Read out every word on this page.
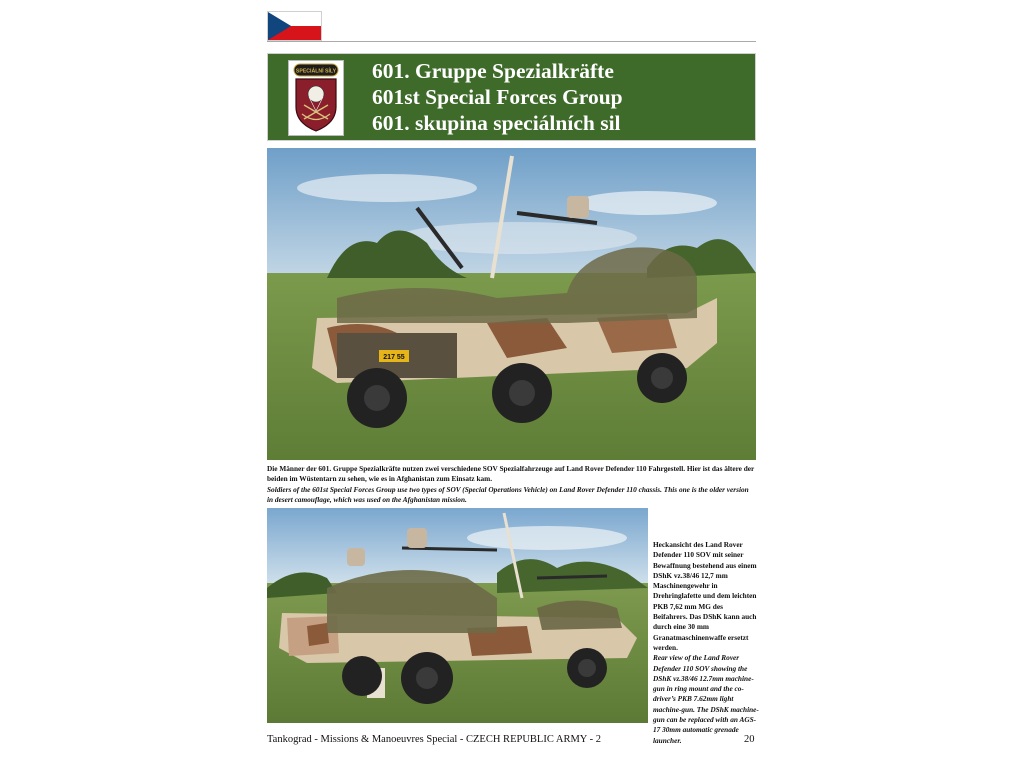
SPECIÁLNÍ SÍLY 601. Gruppe Spezialkräfte
601st Special Forces Group
601. skupina speciálních sil
217 55
Die Männer der 601. Gruppe Spezialkräfte nutzen zwei verschiedene SOV Spezialfahrzeuge auf Land Rover Defender 110 Fahrgestell. Hier ist das ältere der beiden im Wüstentarn zu sehen, wie es in Afghanistan zum Einsatz kam.
Soldiers of the 601st Special Forces Group use two types of SOV (Special Operations Vehicle) on Land Rover Defender 110 chassis. This one is the older version in desert camouflage, which was used on the Afghanistan mission.
Heckansicht des Land Rover Defender 110 SOV mit seiner Bewaffnung bestehend aus einem DShK vz.38/46 12,7 mm Maschinengewehr in Drehringlafette und dem leichten PKB 7,62 mm MG des Beifahrers. Das DShK kann auch durch eine 30 mm Granatmaschinenwaffe ersetzt werden.
Rear view of the Land Rover Defender 110 SOV showing the DShK vz.38/46 12.7mm machine-gun in ring mount and the co-driver’s PKB 7.62mm light machine-gun. The DShK machine-gun can be replaced with an AGS-17 30mm automatic grenade launcher.
Tankograd - Missions & Manoeuvres Special - CZECH REPUBLIC ARMY - 2	20
